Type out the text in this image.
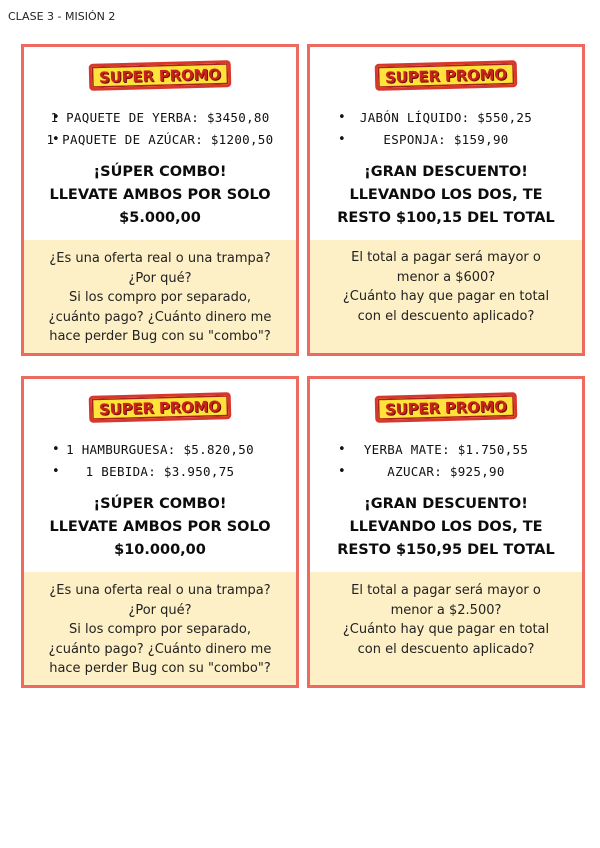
CLASE 3 - MISIÓN 2
SUPER PROMO
• 1 PAQUETE DE YERBA: $3450,80
• 1 PAQUETE DE AZÚCAR: $1200,50
¡SÚPER COMBO!
LLEVATE AMBOS POR SOLO
$5.000,00
¿Es una oferta real o una trampa?
¿Por qué?
Si los compro por separado,
¿cuánto pago? ¿Cuánto dinero me
hace perder Bug con su "combo"?
SUPER PROMO
• JABÓN LÍQUIDO: $550,25
• ESPONJA: $159,90
¡GRAN DESCUENTO!
LLEVANDO LOS DOS, TE
RESTO $100,15 DEL TOTAL
El total a pagar será mayor o
menor a $600?
¿Cuánto hay que pagar en total
con el descuento aplicado?
SUPER PROMO
• 1 HAMBURGUESA: $5.820,50
• 1 BEBIDA: $3.950,75
¡SÚPER COMBO!
LLEVATE AMBOS POR SOLO
$10.000,00
¿Es una oferta real o una trampa?
¿Por qué?
Si los compro por separado,
¿cuánto pago? ¿Cuánto dinero me
hace perder Bug con su "combo"?
SUPER PROMO
• YERBA MATE: $1.750,55
• AZUCAR: $925,90
¡GRAN DESCUENTO!
LLEVANDO LOS DOS, TE
RESTO $150,95 DEL TOTAL
El total a pagar será mayor o
menor a $2.500?
¿Cuánto hay que pagar en total
con el descuento aplicado?
